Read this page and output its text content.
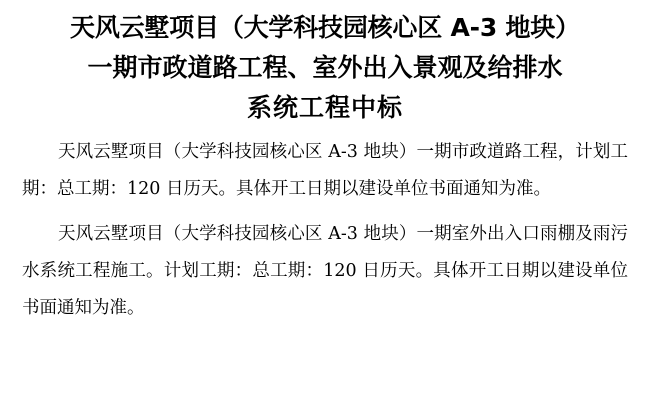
天风云墅项目（大学科技园核心区 A-3 地块）
一期市政道路工程、室外出入景观及给排水
系统工程中标

天风云墅项目（大学科技园核心区 A-3 地块）一期市政道路工程，计划工期：总工期：120 日历天。具体开工日期以建设单位书面通知为准。

天风云墅项目（大学科技园核心区 A-3 地块）一期室外出入口雨棚及雨污水系统工程施工。计划工期：总工期：120 日历天。具体开工日期以建设单位书面通知为准。
